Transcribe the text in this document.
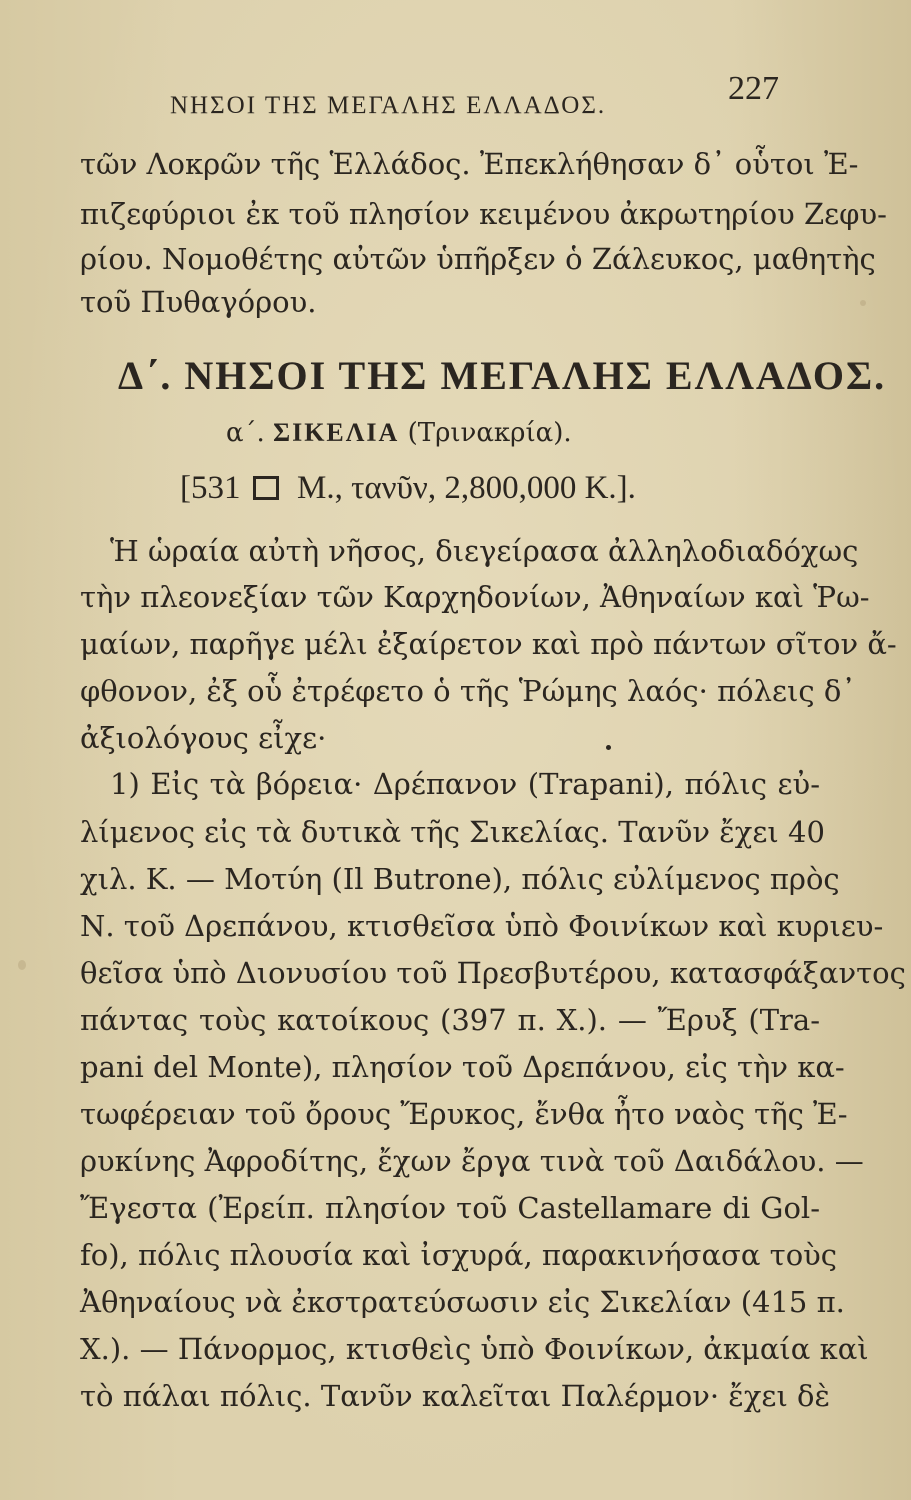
ΝΗΣΟΙ ΤΗΣ ΜΕΓΑΛΗΣ ΕΛΛΑΔΟΣ.	227
τῶν Λοκρῶν τῆς Ἑλλάδος. Ἐπεκλήθησαν δ᾽ οὗτοι Ἐ-
πιζεφύριοι ἐκ τοῦ πλησίον κειμένου ἀκρωτηρίου Ζεφυ-
ρίου. Νομοθέτης αὐτῶν ὑπῆρξεν ὁ Ζάλευκος, μαθητὴς
τοῦ Πυθαγόρου.
Δ΄. ΝΗΣΟΙ ΤΗΣ ΜΕΓΑΛΗΣ ΕΛΛΑΔΟΣ.
α΄. ΣΙΚΕΛΙΑ (Τρινακρία).
[531 Μ., τανῦν, 2,800,000 Κ.].
Ἡ ὡραία αὐτὴ νῆσος, διεγείρασα ἀλληλοδιαδόχως
τὴν πλεονεξίαν τῶν Καρχηδονίων, Ἀθηναίων καὶ Ῥω-
μαίων, παρῆγε μέλι ἐξαίρετον καὶ πρὸ πάντων σῖτον ἄ-
φθονον, ἐξ οὗ ἐτρέφετο ὁ τῆς Ῥώμης λαός· πόλεις δ᾽
ἀξιολόγους εἶχε·
1) Εἰς τὰ βόρεια· Δρέπανον (Trapani), πόλις εὐ-
λίμενος εἰς τὰ δυτικὰ τῆς Σικελίας. Τανῦν ἔχει 40
χιλ. Κ. — Μοτύη (Il Butrone), πόλις εὐλίμενος πρὸς
Ν. τοῦ Δρεπάνου, κτισθεῖσα ὑπὸ Φοινίκων καὶ κυριευ-
θεῖσα ὑπὸ Διονυσίου τοῦ Πρεσβυτέρου, κατασφάξαντος
πάντας τοὺς κατοίκους (397 π. Χ.). — Ἔρυξ (Tra-
pani del Monte), πλησίον τοῦ Δρεπάνου, εἰς τὴν κα-
τωφέρειαν τοῦ ὄρους Ἔρυκος, ἔνθα ἦτο ναὸς τῆς Ἐ-
ρυκίνης Ἀφροδίτης, ἔχων ἔργα τινὰ τοῦ Δαιδάλου. —
Ἔγεστα (Ἐρείπ. πλησίον τοῦ Castellamare di Gol-
fo), πόλις πλουσία καὶ ἰσχυρά, παρακινήσασα τοὺς
Ἀθηναίους νὰ ἐκστρατεύσωσιν εἰς Σικελίαν (415 π.
Χ.). — Πάνορμος, κτισθεὶς ὑπὸ Φοινίκων, ἀκμαία καὶ
τὸ πάλαι πόλις. Τανῦν καλεῖται Παλέρμον· ἔχει δὲ
